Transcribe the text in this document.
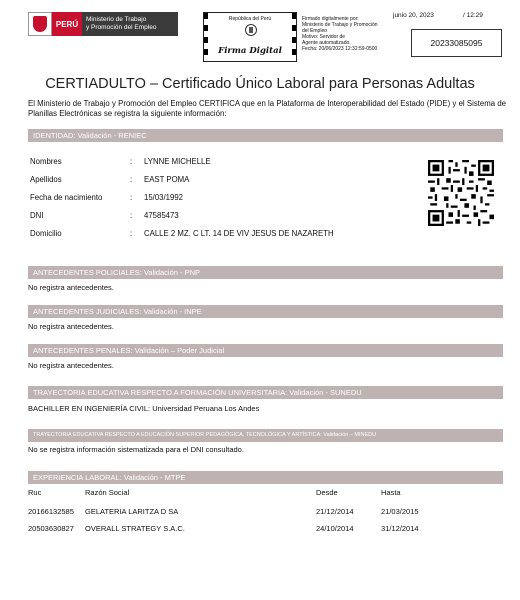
PERÚ	Ministerio de Trabajo
y Promoción del Empleo
República del Perú
Firma Digital
Firmado digitalmente por:
Ministerio de Trabajo y Promoción
del Empleo
Motivo: Servidor de
Agente automatizado.
Fecha: 20/06/2023 12:32:59-0500
junio 20, 2023	/ 12:29
20233085095
CERTIADULTO – Certificado Único Laboral para Personas Adultas
El Ministerio de Trabajo y Promoción del Empleo CERTIFICA que en la Plataforma de Interoperabilidad del Estado (PIDE) y el Sistema de Planillas Electrónicas se registra la siguiente información:
IDENTIDAD: Validación - RENIEC
Nombres	:	LYNNE MICHELLE
Apellidos	:	EAST POMA
Fecha de nacimiento	:	15/03/1992
DNI	:	47585473
Domicilio	:	CALLE 2 MZ. C LT. 14 DE VIV JESUS DE NAZARETH
ANTECEDENTES POLICIALES: Validación - PNP
No registra antecedentes.
ANTECEDENTES JUDICIALES: Validación - INPE
No registra antecedentes.
ANTECEDENTES PENALES: Validación – Poder Judicial
No registra antecedentes.
TRAYECTORIA EDUCATIVA RESPECTO A FORMACIÓN UNIVERSITARIA: Validación - SUNEDU
BACHILLER EN INGENIERÍA CIVIL: Universidad Peruana Los Andes
TRAYECTORIA EDUCATIVA RESPECTO A EDUCACIÓN SUPERIOR PEDAGÓGICA, TECNOLÓGICA Y ARTÍSTICA: Validación – MINEDU
No se registra información sistematizada para el DNI consultado.
EXPERIENCIA LABORAL: Validación - MTPE
Ruc	Razón Social	Desde	Hasta
20166132585 GELATERIA LARITZA D SA	21/12/2014	21/03/2015
20503630827 OVERALL STRATEGY S.A.C.	24/10/2014	31/12/2014
